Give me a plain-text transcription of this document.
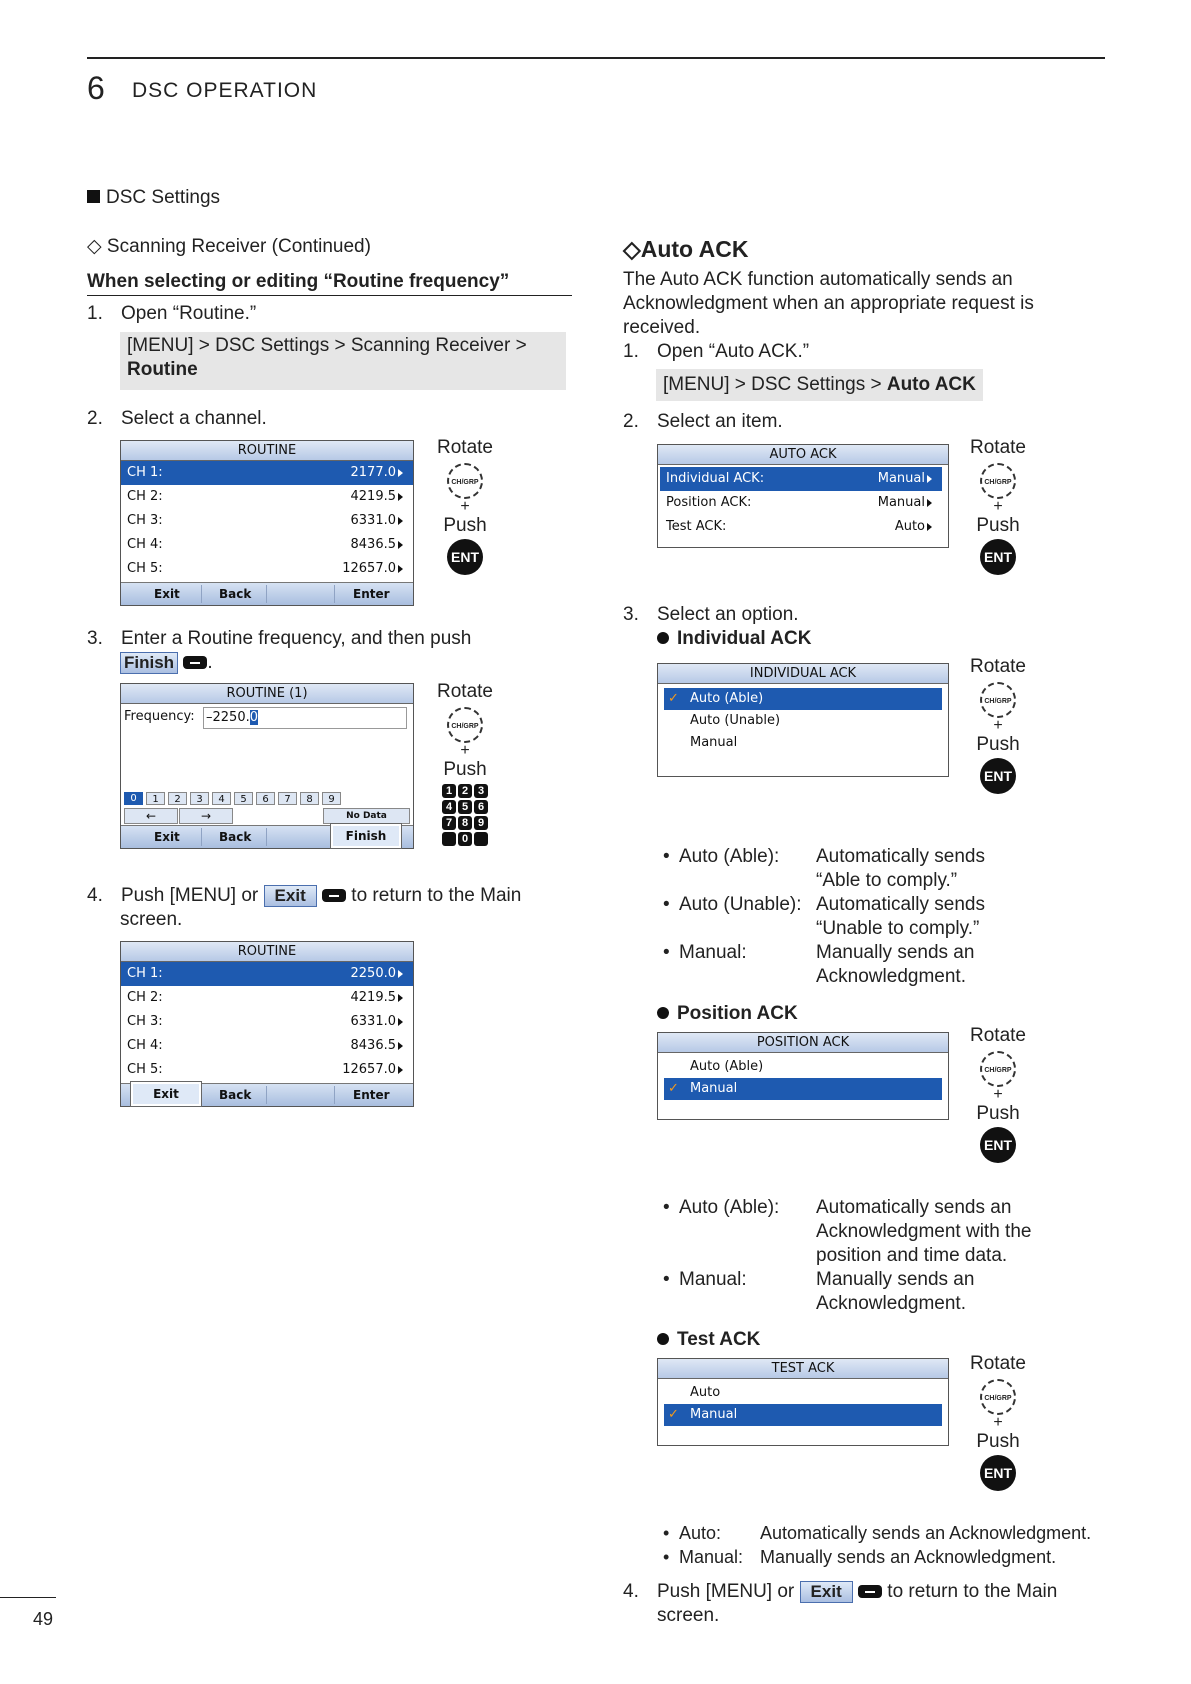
6 DSC OPERATION
DSC Settings
◇ Scanning Receiver (Continued)
When selecting or editing “Routine frequency”
1. Open “Routine.”
[MENU] > DSC Settings > Scanning Receiver >
Routine
2. Select a channel.
ROUTINE
CH 1:	2177.0
CH 2:	4219.5
CH 3:	6331.0
CH 4:	8436.5
CH 5:	12657.0
Exit	Back	Enter
Rotate
CH/GRP
+
Push
ENT
3. Enter a Routine frequency, and then push
Finish .
ROUTINE (1)
Frequency: –2250.0
0	1	2	3	4	5	6	7	8	9
←	→	No Data
Exit	Back	Finish
Rotate
CH/GRP
+
Push
1 2 3
4 5 6
7 8 9
0
4. Push [MENU] or Exit to return to the Main
screen.
ROUTINE
CH 1:	2250.0
CH 2:	4219.5
CH 3:	6331.0
CH 4:	8436.5
CH 5:	12657.0
Exit	Back	Enter
◇Auto ACK
The Auto ACK function automatically sends an
Acknowledgment when an appropriate request is
received.
1. Open “Auto ACK.”
[MENU] > DSC Settings > Auto ACK
2. Select an item.
AUTO ACK
Individual ACK:	Manual
Position ACK:	Manual
Test ACK:	Auto
Rotate
CH/GRP
+
Push
ENT
3. Select an option.
Individual ACK
INDIVIDUAL ACK
✓ Auto (Able)
Auto (Unable)
Manual
Rotate
CH/GRP
+
Push
ENT
• Auto (Able): Automatically sends
“Able to comply.”
• Auto (Unable): Automatically sends
“Unable to comply.”
• Manual:	Manually sends an
Acknowledgment.
Position ACK
POSITION ACK
Auto (Able)
✓ Manual
Rotate
CH/GRP
+
Push
ENT
• Auto (Able): Automatically sends an
Acknowledgment with the
position and time data.
• Manual:	Manually sends an
Acknowledgment.
Test ACK
TEST ACK
Auto
✓ Manual
Rotate
CH/GRP
+
Push
ENT
• Auto: Automatically sends an Acknowledgment.
• Manual: Manually sends an Acknowledgment.
4. Push [MENU] or Exit to return to the Main
screen.
49
